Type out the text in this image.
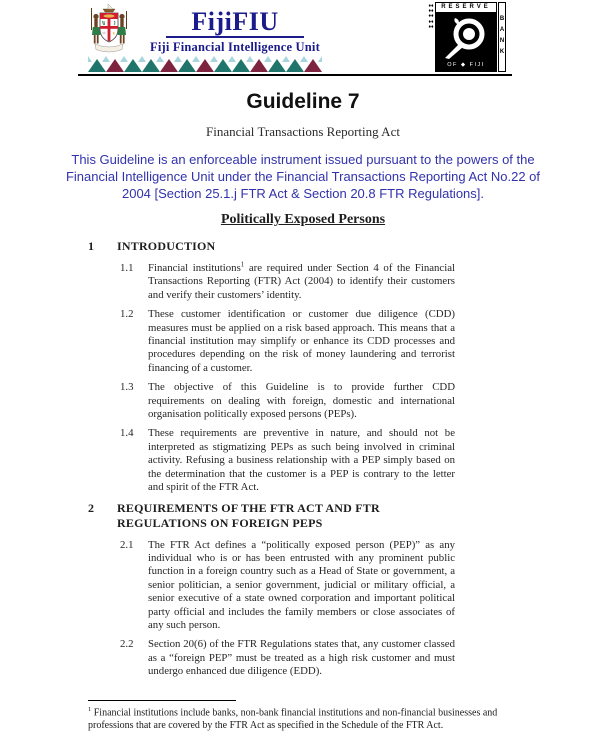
FijiFIU
Fiji Financial Intelligence Unit
♦♦♦♦♦♦♦♦♦♦
RESERVE
OF ◆ FIJI
BANK
Guideline 7
Financial Transactions Reporting Act
This Guideline is an enforceable instrument issued pursuant to the powers of the Financial Intelligence Unit under the Financial Transactions Reporting Act No.22 of 2004 [Section 25.1.j FTR Act & Section 20.8 FTR Regulations].
Politically Exposed Persons
1	INTRODUCTION
1.1	Financial institutions$^1$ are required under Section 4 of the Financial Transactions Reporting (FTR) Act (2004) to identify their customers and verify their customers’ identity.
1.2	These customer identification or customer due diligence (CDD) measures must be applied on a risk based approach. This means that a financial institution may simplify or enhance its CDD processes and procedures depending on the risk of money laundering and terrorist financing of a customer.
1.3	The objective of this Guideline is to provide further CDD requirements on dealing with foreign, domestic and international organisation politically exposed persons (PEPs).
1.4	These requirements are preventive in nature, and should not be interpreted as stigmatizing PEPs as such being involved in criminal activity. Refusing a business relationship with a PEP simply based on the determination that the customer is a PEP is contrary to the letter and spirit of the FTR Act.
2	REQUIREMENTS OF THE FTR ACT AND FTR REGULATIONS ON FOREIGN PEPS
2.1	The FTR Act defines a “politically exposed person (PEP)” as any individual who is or has been entrusted with any prominent public function in a foreign country such as a Head of State or government, a senior politician, a senior government, judicial or military official, a senior executive of a state owned corporation and important political party official and includes the family members or close associates of any such person.
2.2	Section 20(6) of the FTR Regulations states that, any customer classed as a “foreign PEP” must be treated as a high risk customer and must undergo enhanced due diligence (EDD).
$^1$ Financial institutions include banks, non-bank financial institutions and non-financial businesses and professions that are covered by the FTR Act as specified in the Schedule of the FTR Act.
